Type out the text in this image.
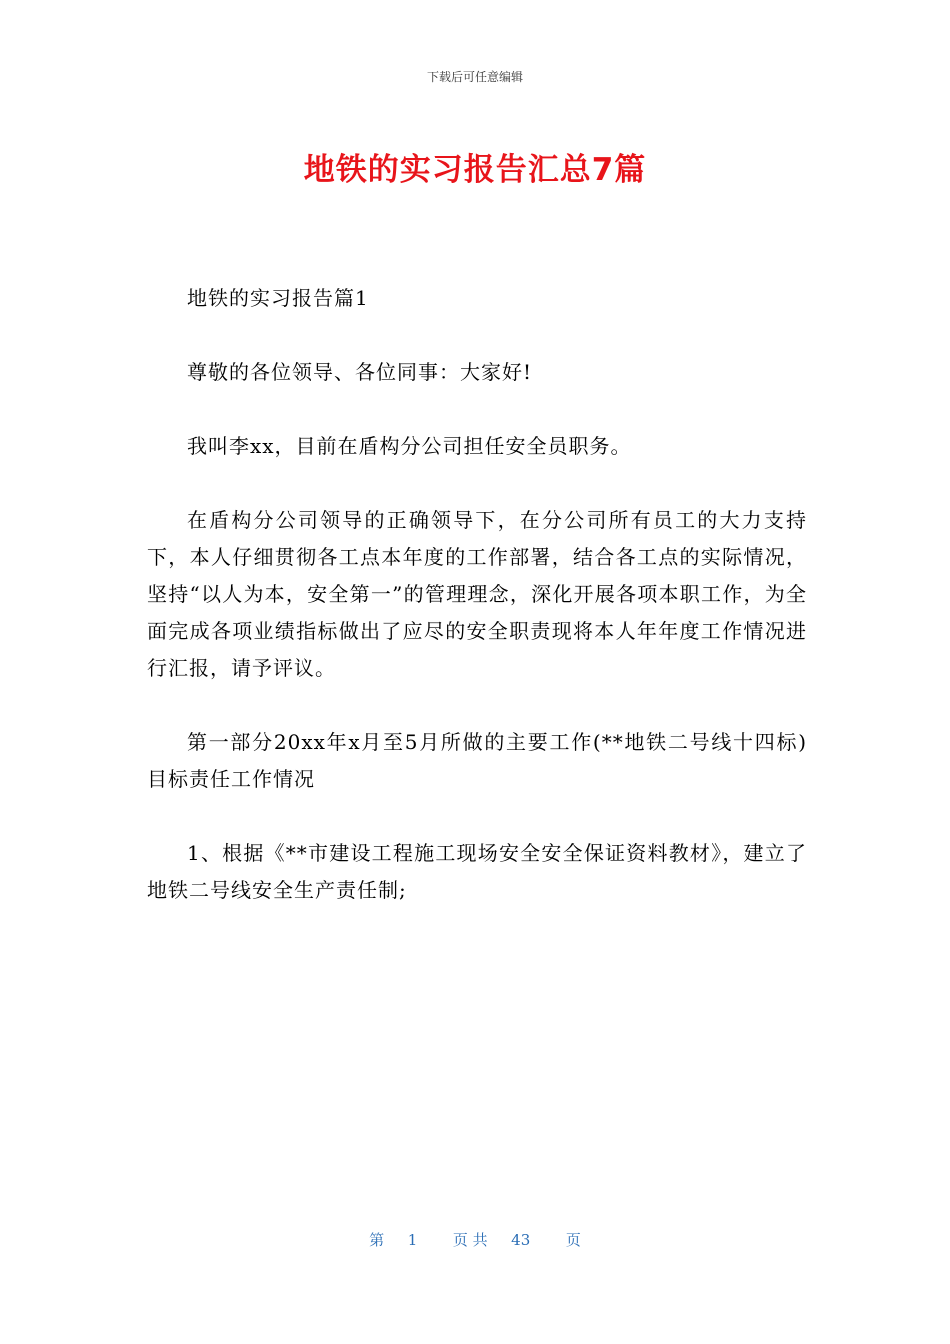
下载后可任意编辑
地铁的实习报告汇总7篇

地铁的实习报告篇1

尊敬的各位领导、各位同事：大家好!

我叫李xx，目前在盾构分公司担任安全员职务。

在盾构分公司领导的正确领导下，在分公司所有员工的大力支持下，本人仔细贯彻各工点本年度的工作部署，结合各工点的实际情况，坚持“以人为本，安全第一”的管理理念，深化开展各项本职工作，为全面完成各项业绩指标做出了应尽的安全职责现将本人年年度工作情况进行汇报，请予评议。

第一部分20xx年x月至5月所做的主要工作(**地铁二号线十四标)目标责任工作情况

1、根据《**市建设工程施工现场安全安全保证资料教材》，建立了地铁二号线安全生产责任制;

第 1 页 共 43 页
